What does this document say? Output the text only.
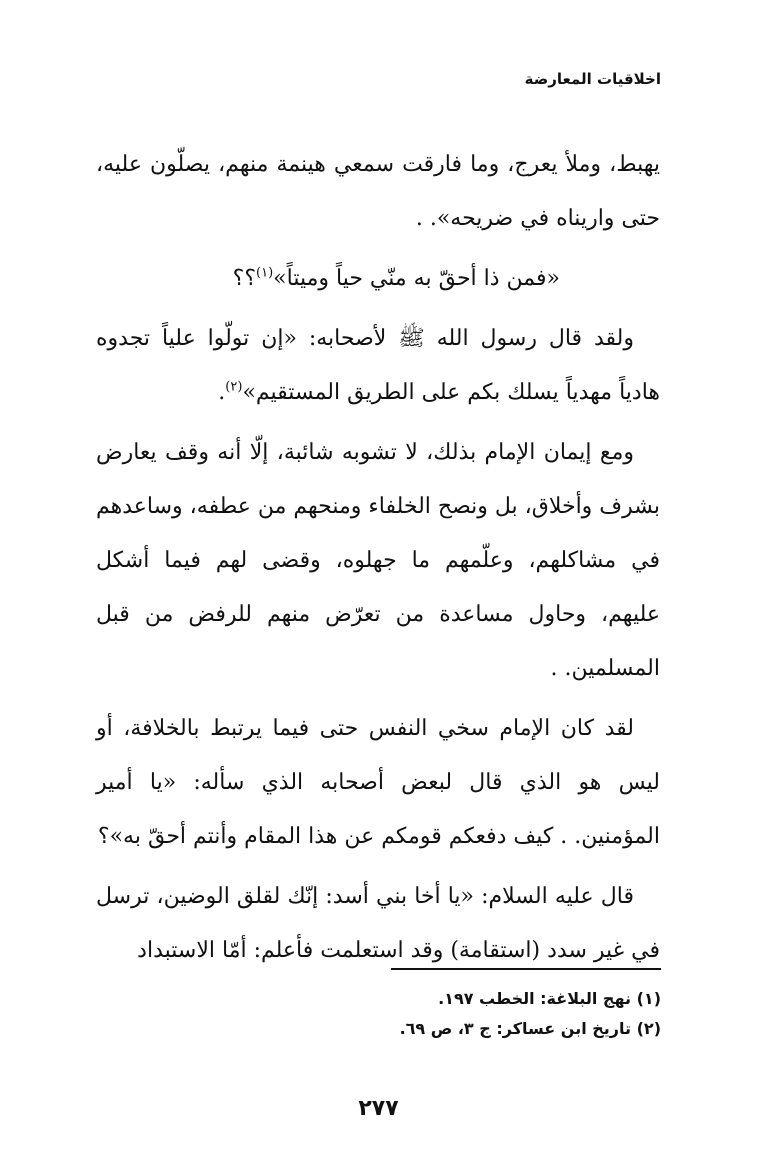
اخلاقيات المعارضة

يهبط، وملأ يعرج، وما فارقت سمعي هينمة منهم، يصلّون عليه، حتى واريناه في ضريحه». .

«فمن ذا أحقّ به منّي حياً وميتاً»$^{(١)}$؟؟

ولقد قال رسول الله ﷺ لأصحابه: «إن تولّوا علياً تجدوه هادياً مهدياً يسلك بكم على الطريق المستقيم»$^{(٢)}$.

ومع إيمان الإمام بذلك، لا تشوبه شائبة، إلّا أنه وقف يعارض بشرف وأخلاق، بل ونصح الخلفاء ومنحهم من عطفه، وساعدهم في مشاكلهم، وعلّمهم ما جهلوه، وقضى لهم فيما أشكل عليهم، وحاول مساعدة من تعرّض منهم للرفض من قبل المسلمين. .

لقد كان الإمام سخي النفس حتى فيما يرتبط بالخلافة، أو ليس هو الذي قال لبعض أصحابه الذي سأله: «يا أمير المؤمنين. . كيف دفعكم قومكم عن هذا المقام وأنتم أحقّ به»؟

قال عليه السلام: «يا أخا بني أسد: إنّك لقلق الوضين، ترسل في غير سدد (استقامة) وقد استعلمت فأعلم: أمّا الاستبداد

(١) نهج البلاغة: الخطب ١٩٧.
(٢) تاريخ ابن عساكر: ج ٣، ص ٦٩.
٢٧٧
